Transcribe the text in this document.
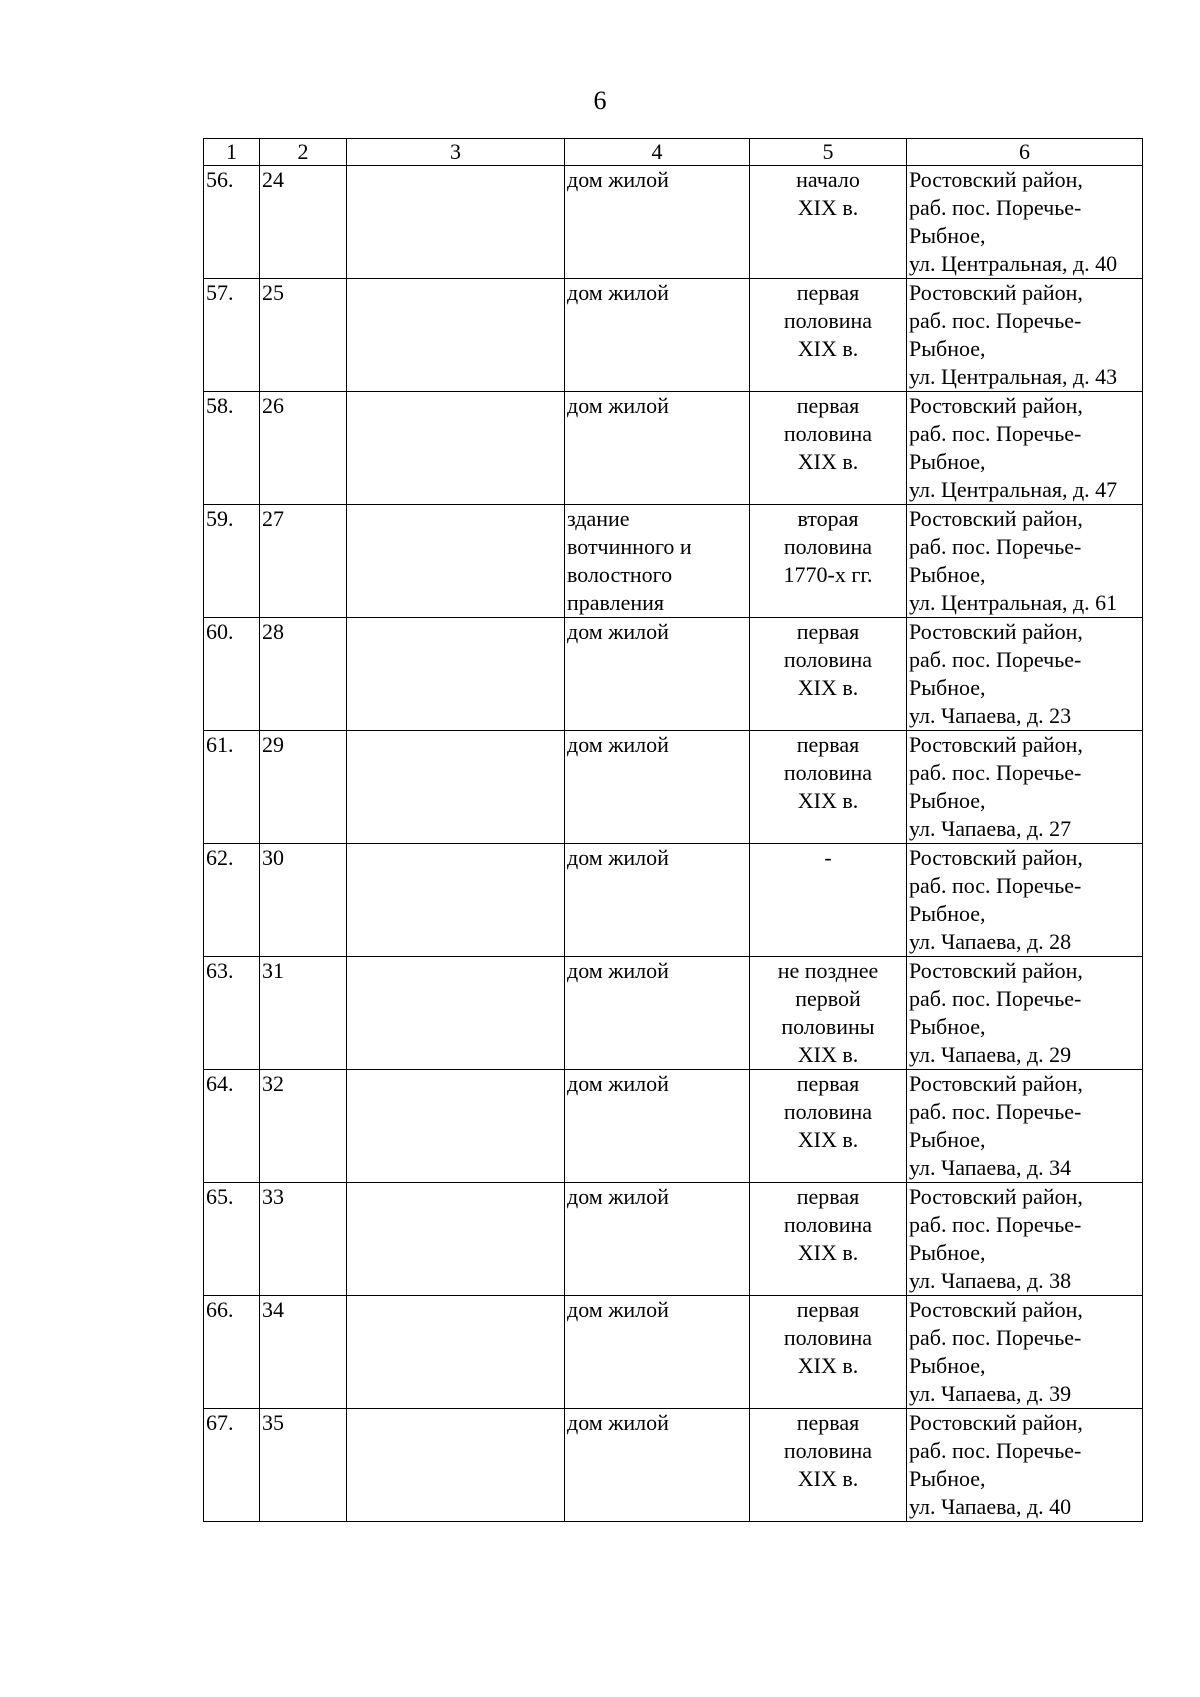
6
1	2	3	4	5	6
56.	24		дом жилой	начало
XIX в.	Ростовский район,
раб. пос. Поречье-
Рыбное,
ул. Центральная, д. 40

57.	25		дом жилой	первая
половина
XIX в.	Ростовский район,
раб. пос. Поречье-
Рыбное,
ул. Центральная, д. 43

58.	26		дом жилой	первая
половина
XIX в.	Ростовский район,
раб. пос. Поречье-
Рыбное,
ул. Центральная, д. 47

59.	27		здание
вотчинного и
волостного
правления	вторая
половина
1770-х гг.	Ростовский район,
раб. пос. Поречье-
Рыбное,
ул. Центральная, д. 61

60.	28		дом жилой	первая
половина
XIX в.	Ростовский район,
раб. пос. Поречье-
Рыбное,
ул. Чапаева, д. 23

61.	29		дом жилой	первая
половина
XIX в.	Ростовский район,
раб. пос. Поречье-
Рыбное,
ул. Чапаева, д. 27

62.	30		дом жилой	-	Ростовский район,
раб. пос. Поречье-
Рыбное,
ул. Чапаева, д. 28

63.	31		дом жилой	не позднее
первой
половины
XIX в.	Ростовский район,
раб. пос. Поречье-
Рыбное,
ул. Чапаева, д. 29

64.	32		дом жилой	первая
половина
XIX в.	Ростовский район,
раб. пос. Поречье-
Рыбное,
ул. Чапаева, д. 34

65.	33		дом жилой	первая
половина
XIX в.	Ростовский район,
раб. пос. Поречье-
Рыбное,
ул. Чапаева, д. 38

66.	34		дом жилой	первая
половина
XIX в.	Ростовский район,
раб. пос. Поречье-
Рыбное,
ул. Чапаева, д. 39

67.	35		дом жилой	первая
половина
XIX в.	Ростовский район,
раб. пос. Поречье-
Рыбное,
ул. Чапаева, д. 40
